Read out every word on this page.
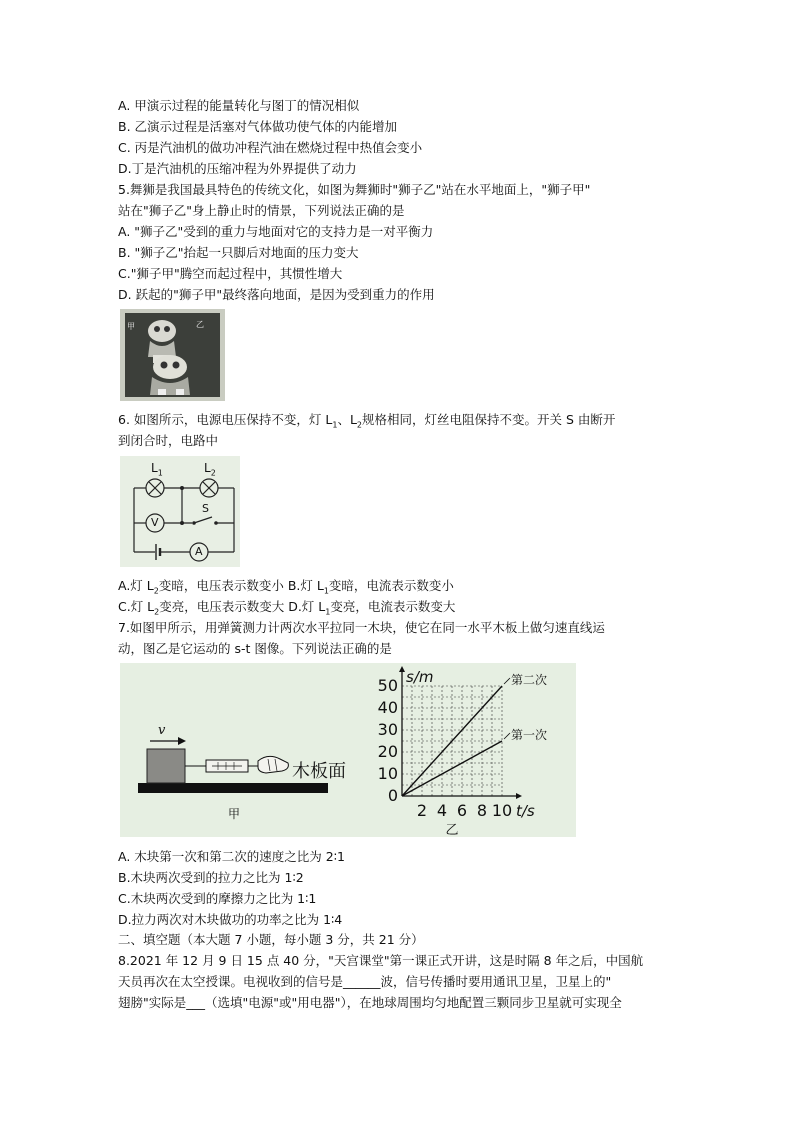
A. 甲演示过程的能量转化与图丁的情况相似
B. 乙演示过程是活塞对气体做功使气体的内能增加
C. 丙是汽油机的做功冲程汽油在燃烧过程中热值会变小
D.丁是汽油机的压缩冲程为外界提供了动力
5.舞狮是我国最具特色的传统文化，如图为舞狮时"狮子乙"站在水平地面上，"狮子甲"
站在"狮子乙"身上静止时的情景，下列说法正确的是
A. "狮子乙"受到的重力与地面对它的支持力是一对平衡力
B. "狮子乙"抬起一只脚后对地面的压力变大
C."狮子甲"腾空而起过程中，其惯性增大
D. 跃起的"狮子甲"最终落向地面，是因为受到重力的作用
甲	乙
6. 如图所示，电源电压保持不变，灯 $L_1$、$L_2$规格相同，灯丝电阻保持不变。开关 S 由断开
到闭合时，电路中
$L_1$	$L_2$
V
S
A
A.灯 $L_2$变暗，电压表示数变小 B.灯 $L_1$变暗，电流表示数变小
C.灯 $L_2$变亮，电压表示数变大 D.灯 $L_1$变亮，电流表示数变大
7.如图甲所示，用弹簧测力计两次水平拉同一木块，使它在同一水平木板上做匀速直线运
动，图乙是它运动的 s-t 图像。下列说法正确的是
v
木板面
甲
0
10
20
30
40
50
2 4 6 8 10
s/m
t/s
乙
第二次
第一次
A. 木块第一次和第二次的速度之比为 2∶1
B.木块两次受到的拉力之比为 1∶2
C.木块两次受到的摩擦力之比为 1∶1
D.拉力两次对木块做功的功率之比为 1∶4
二、填空题（本大题 7 小题，每小题 3 分，共 21 分）
8.2021 年 12 月 9 日 15 点 40 分，"天宫课堂"第一课正式开讲，这是时隔 8 年之后，中国航
天员再次在太空授课。电视收到的信号是______波，信号传播时要用通讯卫星，卫星上的"
翅膀"实际是___（选填"电源"或"用电器"），在地球周围均匀地配置三颗同步卫星就可实现全
